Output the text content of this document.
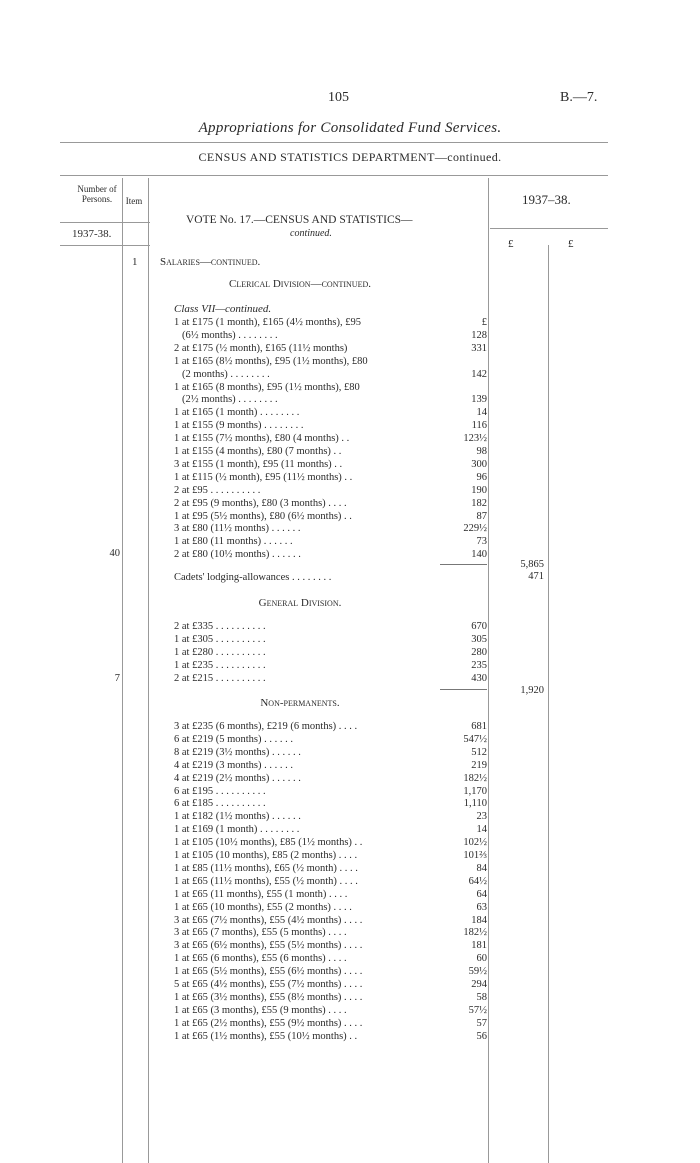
105	B.—7.
Appropriations for Consolidated Fund Services.
CENSUS AND STATISTICS DEPARTMENT—continued.
Number of Persons.	Item
1937-38.
1937–38.
£	£
VOTE No. 17.—CENSUS AND STATISTICS—
continued.
1 Salaries—continued.
Clerical Division—continued.
Class VII—continued.
1 at £175 (1 month), £165 (4½ months), £95	£
(6½ months) . . . . . . . .	128
2 at £175 (½ month), £165 (11½ months)	331
1 at £165 (8½ months), £95 (1½ months), £80
(2 months) . . . . . . . .	142
1 at £165 (8 months), £95 (1½ months), £80
(2½ months) . . . . . . . .	139
1 at £165 (1 month) . . . . . . . .	14
1 at £155 (9 months) . . . . . . . .	116
1 at £155 (7½ months), £80 (4 months) . .	123½
1 at £155 (4 months), £80 (7 months) . .	98
3 at £155 (1 month), £95 (11 months) . .	300
1 at £115 (½ month), £95 (11½ months) . .	96
2 at £95 . . . . . . . . . .	190
2 at £95 (9 months), £80 (3 months) . . . .	182
1 at £95 (5½ months), £80 (6½ months) . .	87
3 at £80 (11½ months) . . . . . .	229½
1 at £80 (11 months) . . . . . .	73
2 at £80 (10½ months) . . . . . .	140
40
5,865
Cadets' lodging-allowances . . . . . . . .	471
General Division.
2 at £335 . . . . . . . . . .	670
1 at £305 . . . . . . . . . .	305
1 at £280 . . . . . . . . . .	280
1 at £235 . . . . . . . . . .	235
2 at £215 . . . . . . . . . .	430
7
1,920
Non-permanents.
3 at £235 (6 months), £219 (6 months) . . . .	681
6 at £219 (5 months) . . . . . .	547½
8 at £219 (3½ months) . . . . . .	512
4 at £219 (3 months) . . . . . .	219
4 at £219 (2½ months) . . . . . .	182½
6 at £195 . . . . . . . . . .	1,170
6 at £185 . . . . . . . . . .	1,110
1 at £182 (1½ months) . . . . . .	23
1 at £169 (1 month) . . . . . . . .	14
1 at £105 (10½ months), £85 (1½ months) . .	102½
1 at £105 (10 months), £85 (2 months) . . . .	101⅔
1 at £85 (11½ months), £65 (½ month) . . . .	84
1 at £65 (11½ months), £55 (½ month) . . . .	64½
1 at £65 (11 months), £55 (1 month) . . . .	64
1 at £65 (10 months), £55 (2 months) . . . .	63
3 at £65 (7½ months), £55 (4½ months) . . . .	184
3 at £65 (7 months), £55 (5 months) . . . .	182½
3 at £65 (6½ months), £55 (5½ months) . . . .	181
1 at £65 (6 months), £55 (6 months) . . . .	60
1 at £65 (5½ months), £55 (6½ months) . . . .	59½
5 at £65 (4½ months), £55 (7½ months) . . . .	294
1 at £65 (3½ months), £55 (8½ months) . . . .	58
1 at £65 (3 months), £55 (9 months) . . . .	57½
1 at £65 (2½ months), £55 (9½ months) . . . .	57
1 at £65 (1½ months), £55 (10½ months) . .	56
